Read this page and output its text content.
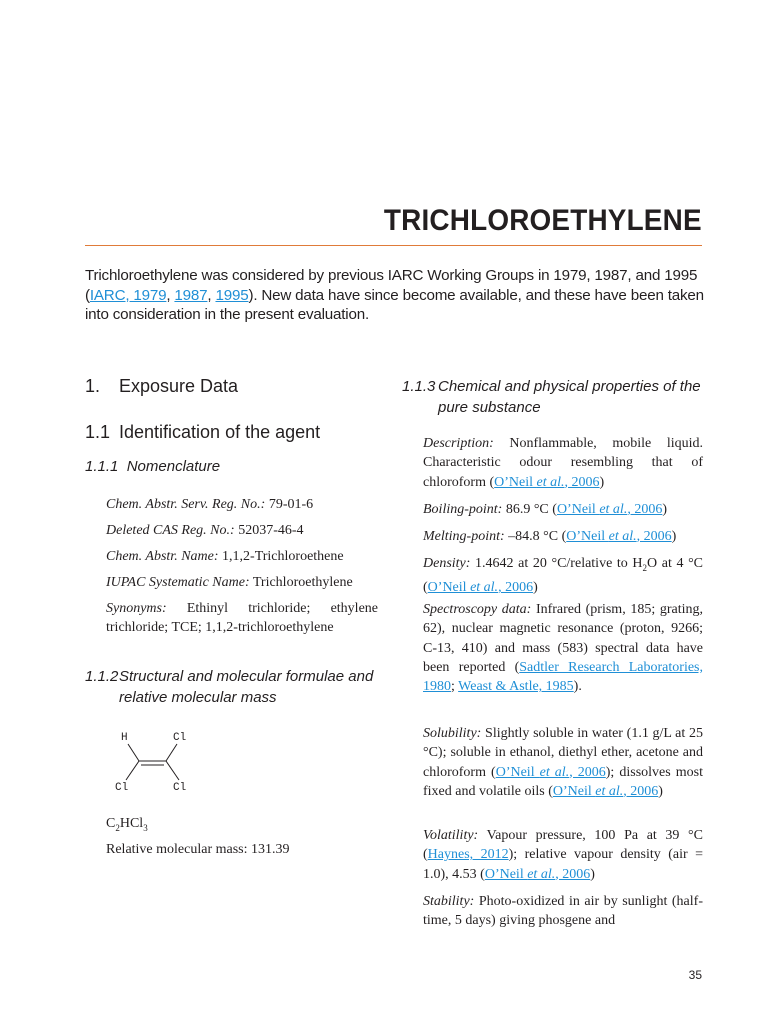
TRICHLOROETHYLENE

Trichloroethylene was considered by previous IARC Working Groups in 1979, 1987, and 1995 (IARC, 1979, 1987, 1995). New data have since become available, and these have been taken into consideration in the present evaluation.

1. Exposure Data
1.1 Identification of the agent
1.1.1 Nomenclature

Chem. Abstr. Serv. Reg. No.: 79-01-6

Deleted CAS Reg. No.: 52037-46-4

Chem. Abstr. Name: 1,1,2-Trichloroethene

IUPAC Systematic Name: Trichloroethylene

Synonyms: Ethinyl trichloride; ethylene trichloride; TCE; 1,1,2-trichloroethylene

1.1.2Structural and molecular formulae and
relative molecular mass
H	Cl
Cl	Cl

$C_2HCl_3$

Relative molecular mass: 131.39

1.1.3 Chemical and physical properties of the
pure substance

Description: Nonflammable, mobile liquid. Characteristic odour resembling that of chloroform (O’Neil et al., 2006)

Boiling-point: 86.9 °C (O’Neil et al., 2006)

Melting-point: –84.8 °C (O’Neil et al., 2006)

Density: 1.4642 at 20 °C/relative to $H_2O$ at 4 °C (O’Neil et al., 2006)

Spectroscopy data: Infrared (prism, 185; grating, 62), nuclear magnetic resonance (proton, 9266; C-13, 410) and mass (583) spectral data have been reported (Sadtler Research Laboratories, 1980; Weast & Astle, 1985).

Solubility: Slightly soluble in water (1.1 g/L at 25 °C); soluble in ethanol, diethyl ether, acetone and chloroform (O’Neil et al., 2006); dissolves most fixed and volatile oils (O’Neil et al., 2006)

Volatility: Vapour pressure, 100 Pa at 39 °C (Haynes, 2012); relative vapour density (air = 1.0), 4.53 (O’Neil et al., 2006)

Stability: Photo-oxidized in air by sunlight (half-time, 5 days) giving phosgene and

35
